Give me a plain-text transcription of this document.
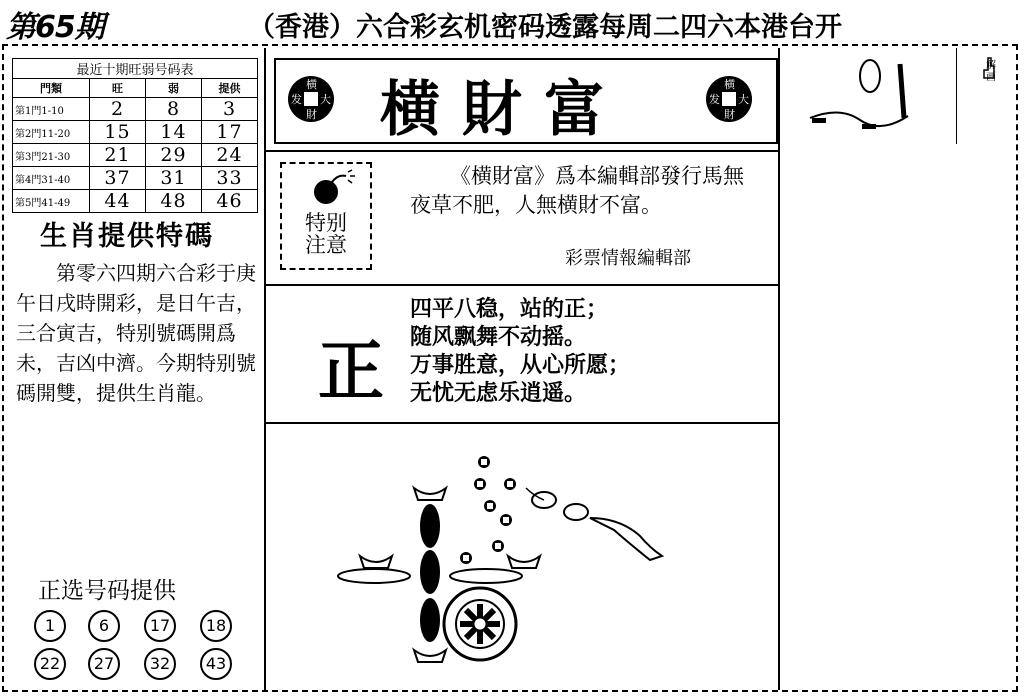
第65期	（香港）六合彩玄机密码透露每周二四六本港台开
最近十期旺弱号码表			
門類	旺	弱	提供
第1門1-10	2	8	3
第2門11-20	15	14	17
第3門21-30	21	29	24
第4門31-40	37	31	33
第5門41-49	44	48	46
生肖提供特碼
第零六四期六合彩于庚午日戌時開彩，是日午吉，三合寅吉，特别號碼開爲未，吉凶中濟。今期特别號碼開雙，提供生肖龍。
正选号码提供
1	6	17	18
22	27	32	43
横
发 大
財 横財富	横
发 大
財
解画
特别
注意
《横財富》爲本編輯部發行馬無夜草不肥，人無横財不富。
彩票情報編輯部
正
四平八稳，站的正；
随风飘舞不动摇。
万事胜意，从心所愿；
无忧无虑乐逍遥。
